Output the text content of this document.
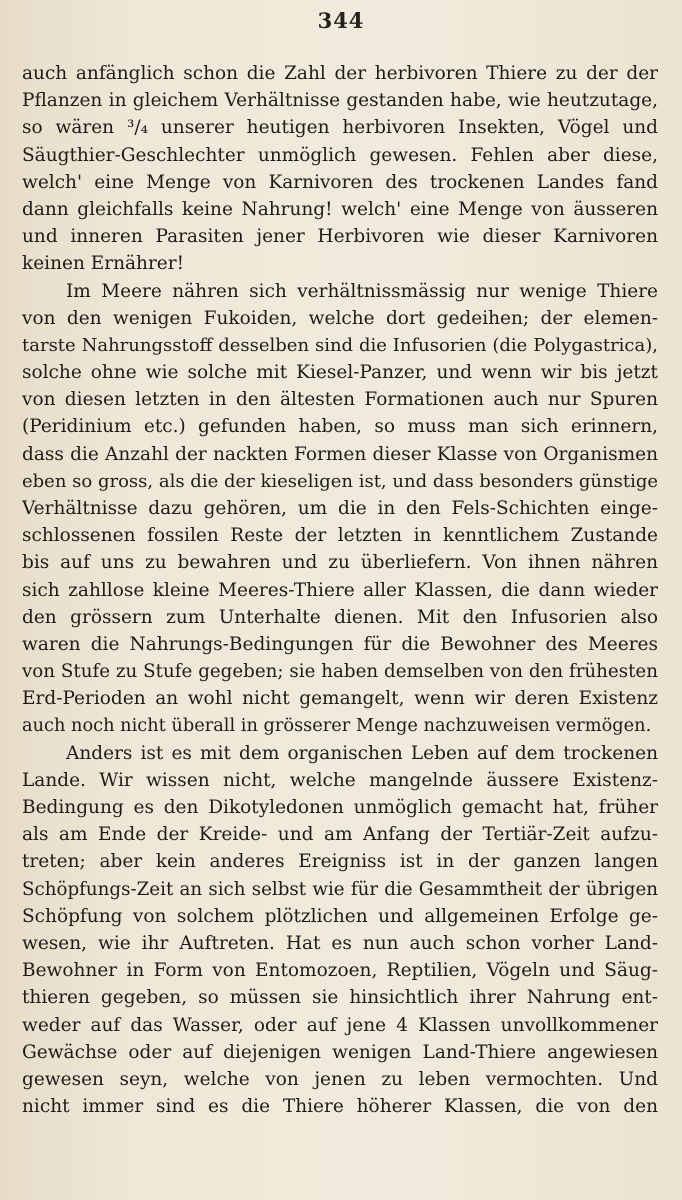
344
auch anfänglich schon die Zahl der herbivoren Thiere zu der der
Pflanzen in gleichem Verhältnisse gestanden habe, wie heutzutage,
so wären ³/₄ unserer heutigen herbivoren Insekten, Vögel und
Säugthier-Geschlechter unmöglich gewesen. Fehlen aber diese,
welch' eine Menge von Karnivoren des trockenen Landes fand
dann gleichfalls keine Nahrung! welch' eine Menge von äusseren
und inneren Parasiten jener Herbivoren wie dieser Karnivoren
keinen Ernährer!
Im Meere nähren sich verhältnissmässig nur wenige Thiere
von den wenigen Fukoiden, welche dort gedeihen; der elemen-
tarste Nahrungsstoff desselben sind die Infusorien (die Polygastrica),
solche ohne wie solche mit Kiesel-Panzer, und wenn wir bis jetzt
von diesen letzten in den ältesten Formationen auch nur Spuren
(Peridinium etc.) gefunden haben, so muss man sich erinnern,
dass die Anzahl der nackten Formen dieser Klasse von Organismen
eben so gross, als die der kieseligen ist, und dass besonders günstige
Verhältnisse dazu gehören, um die in den Fels-Schichten einge-
schlossenen fossilen Reste der letzten in kenntlichem Zustande
bis auf uns zu bewahren und zu überliefern. Von ihnen nähren
sich zahllose kleine Meeres-Thiere aller Klassen, die dann wieder
den grössern zum Unterhalte dienen. Mit den Infusorien also
waren die Nahrungs-Bedingungen für die Bewohner des Meeres
von Stufe zu Stufe gegeben; sie haben demselben von den frühesten
Erd-Perioden an wohl nicht gemangelt, wenn wir deren Existenz
auch noch nicht überall in grösserer Menge nachzuweisen vermögen.
Anders ist es mit dem organischen Leben auf dem trockenen
Lande. Wir wissen nicht, welche mangelnde äussere Existenz-
Bedingung es den Dikotyledonen unmöglich gemacht hat, früher
als am Ende der Kreide- und am Anfang der Tertiär-Zeit aufzu-
treten; aber kein anderes Ereigniss ist in der ganzen langen
Schöpfungs-Zeit an sich selbst wie für die Gesammtheit der übrigen
Schöpfung von solchem plötzlichen und allgemeinen Erfolge ge-
wesen, wie ihr Auftreten. Hat es nun auch schon vorher Land-
Bewohner in Form von Entomozoen, Reptilien, Vögeln und Säug-
thieren gegeben, so müssen sie hinsichtlich ihrer Nahrung ent-
weder auf das Wasser, oder auf jene 4 Klassen unvollkommener
Gewächse oder auf diejenigen wenigen Land-Thiere angewiesen
gewesen seyn, welche von jenen zu leben vermochten. Und
nicht immer sind es die Thiere höherer Klassen, die von den
